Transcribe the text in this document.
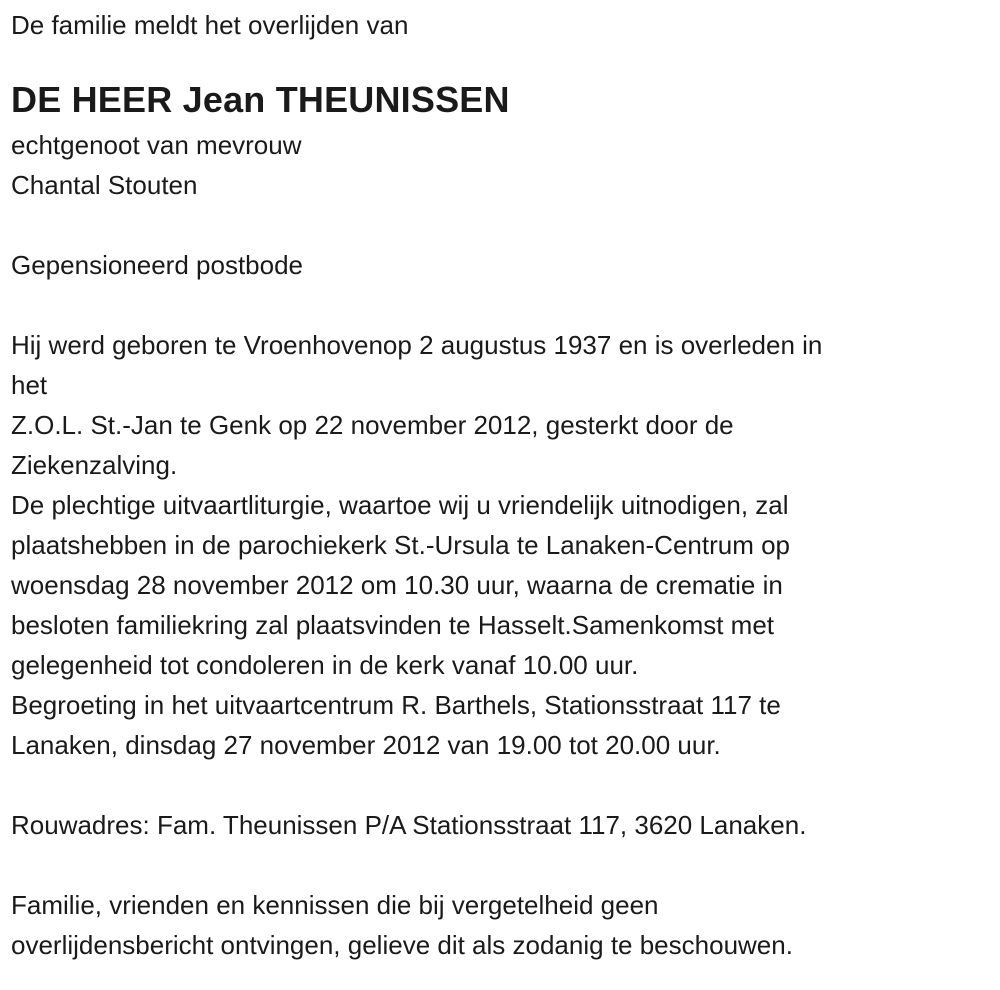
De familie meldt het overlijden van
DE HEER Jean THEUNISSEN
echtgenoot van mevrouw
Chantal Stouten
Gepensioneerd postbode
Hij werd geboren te Vroenhovenop 2 augustus 1937 en is overleden in
het
Z.O.L. St.-Jan te Genk op 22 november 2012, gesterkt door de
Ziekenzalving.
De plechtige uitvaartliturgie, waartoe wij u vriendelijk uitnodigen, zal
plaatshebben in de parochiekerk St.-Ursula te Lanaken-Centrum op
woensdag 28 november 2012 om 10.30 uur, waarna de crematie in
besloten familiekring zal plaatsvinden te Hasselt.Samenkomst met
gelegenheid tot condoleren in de kerk vanaf 10.00 uur.
Begroeting in het uitvaartcentrum R. Barthels, Stationsstraat 117 te
Lanaken, dinsdag 27 november 2012 van 19.00 tot 20.00 uur.
Rouwadres: Fam. Theunissen P/A Stationsstraat 117, 3620 Lanaken.
Familie, vrienden en kennissen die bij vergetelheid geen
overlijdensbericht ontvingen, gelieve dit als zodanig te beschouwen.
